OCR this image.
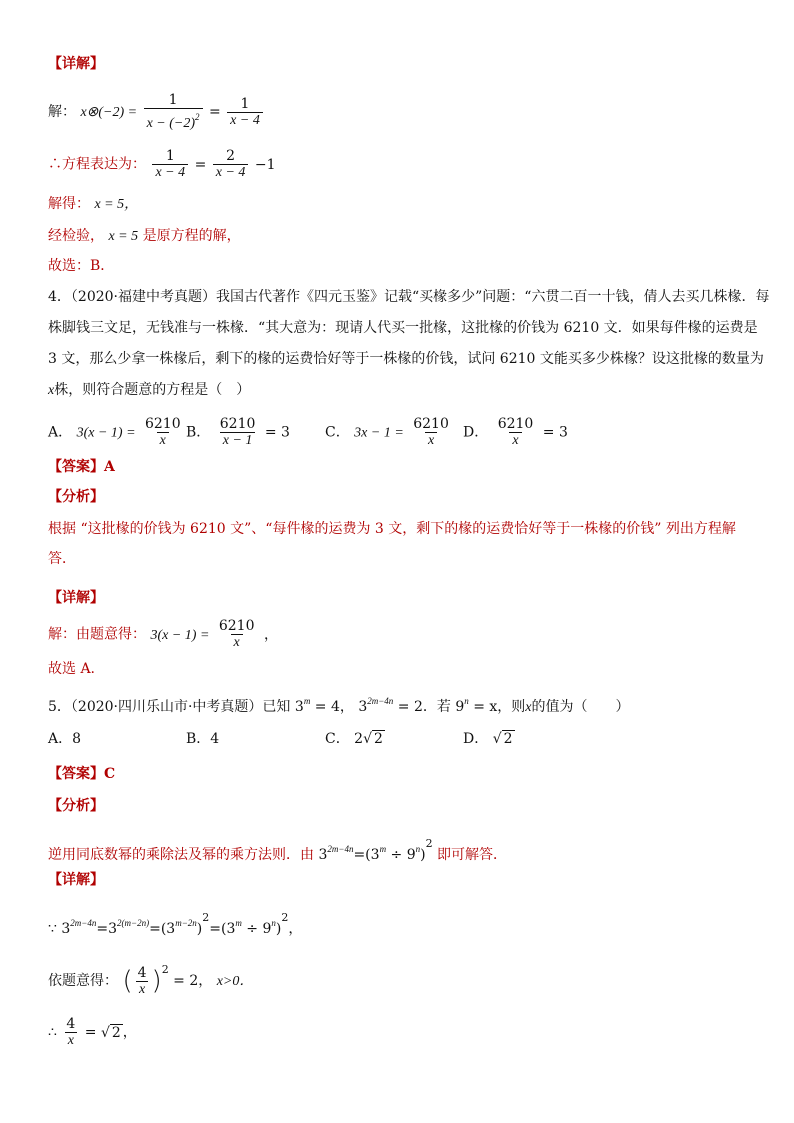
【详解】
解： x⊗(−2) = $\frac{1}{x - (-2)^2} = \frac{1}{x - 4}$
∴方程表达为： $\frac{1}{x - 4} = \frac{2}{x - 4} -1$
解得： x = 5，
经检验， x = 5 是原方程的解，
故选：B．
4．（2020·福建中考真题）我国古代著作《四元玉鉴》记载“买椽多少”问题：“六贯二百一十钱，倩人去买几株椽．每
株脚钱三文足，无钱准与一株椽．“其大意为：现请人代买一批椽，这批椽的价钱为 6210 文．如果每件椽的运费是
3 文，那么少拿一株椽后，剩下的椽的运费恰好等于一株椽的价钱，试问 6210 文能买多少株椽？设这批椽的数量为
x株，则符合题意的方程是（　）
A． $3(x - 1) = \frac{6210}{x}$ B． $\frac{6210}{x - 1} = 3$	C． $3x - 1 = \frac{6210}{x}$ D． $\frac{6210}{x} = 3$
【答案】A
【分析】
根据 “这批椽的价钱为 6210 文”、“每件椽的运费为 3 文，剩下的椽的运费恰好等于一株椽的价钱” 列出方程解
答．
【详解】
解：由题意得： $3(x - 1) = \frac{6210}{x}$ ，
故选 A.
5．（2020·四川乐山市·中考真题）已知 $3^m = 4$， $3^{2m-4n} = 2$．若 $9^n = x$，则x的值为（　　）
A．8	B．4	C． 2√ 2	D． √ 2
【答案】C
【分析】
逆用同底数幂的乘除法及幂的乘方法则．由 $3^{2m-4n}=(3^m \div 9^n)^2$ 即可解答．
【详解】
∵ $3^{2m-4n}=3^{2(m-2n)}=(3^{m-2n})^2=(3^m \div 9^n)^2$，
依题意得： ( $\frac{4}{x} )^2 = 2$， x>0．
∴ $\frac{4}{x}$ = √ 2 ，
